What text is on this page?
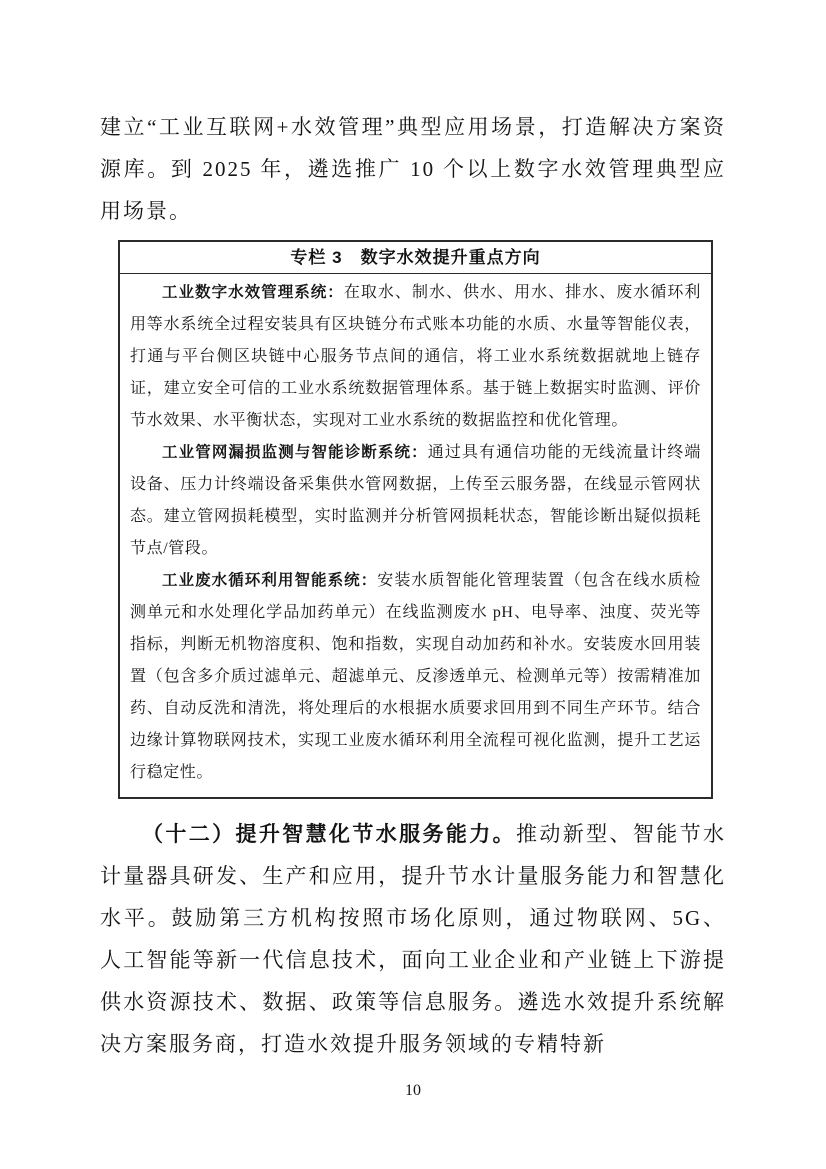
建立“工业互联网+水效管理”典型应用场景，打造解决方案资源库。到 2025 年，遴选推广 10 个以上数字水效管理典型应用场景。

专栏 3　数字水效提升重点方向

工业数字水效管理系统：在取水、制水、供水、用水、排水、废水循环利用等水系统全过程安装具有区块链分布式账本功能的水质、水量等智能仪表，打通与平台侧区块链中心服务节点间的通信，将工业水系统数据就地上链存证，建立安全可信的工业水系统数据管理体系。基于链上数据实时监测、评价节水效果、水平衡状态，实现对工业水系统的数据监控和优化管理。

工业管网漏损监测与智能诊断系统：通过具有通信功能的无线流量计终端设备、压力计终端设备采集供水管网数据，上传至云服务器，在线显示管网状态。建立管网损耗模型，实时监测并分析管网损耗状态，智能诊断出疑似损耗节点/管段。

工业废水循环利用智能系统：安装水质智能化管理装置（包含在线水质检测单元和水处理化学品加药单元）在线监测废水 pH、电导率、浊度、荧光等指标，判断无机物溶度积、饱和指数，实现自动加药和补水。安装废水回用装置（包含多介质过滤单元、超滤单元、反渗透单元、检测单元等）按需精准加药、自动反洗和清洗，将处理后的水根据水质要求回用到不同生产环节。结合边缘计算物联网技术，实现工业废水循环利用全流程可视化监测，提升工艺运行稳定性。

（十二）提升智慧化节水服务能力。推动新型、智能节水计量器具研发、生产和应用，提升节水计量服务能力和智慧化水平。鼓励第三方机构按照市场化原则，通过物联网、5G、人工智能等新一代信息技术，面向工业企业和产业链上下游提供水资源技术、数据、政策等信息服务。遴选水效提升系统解决方案服务商，打造水效提升服务领域的专精特新

10
